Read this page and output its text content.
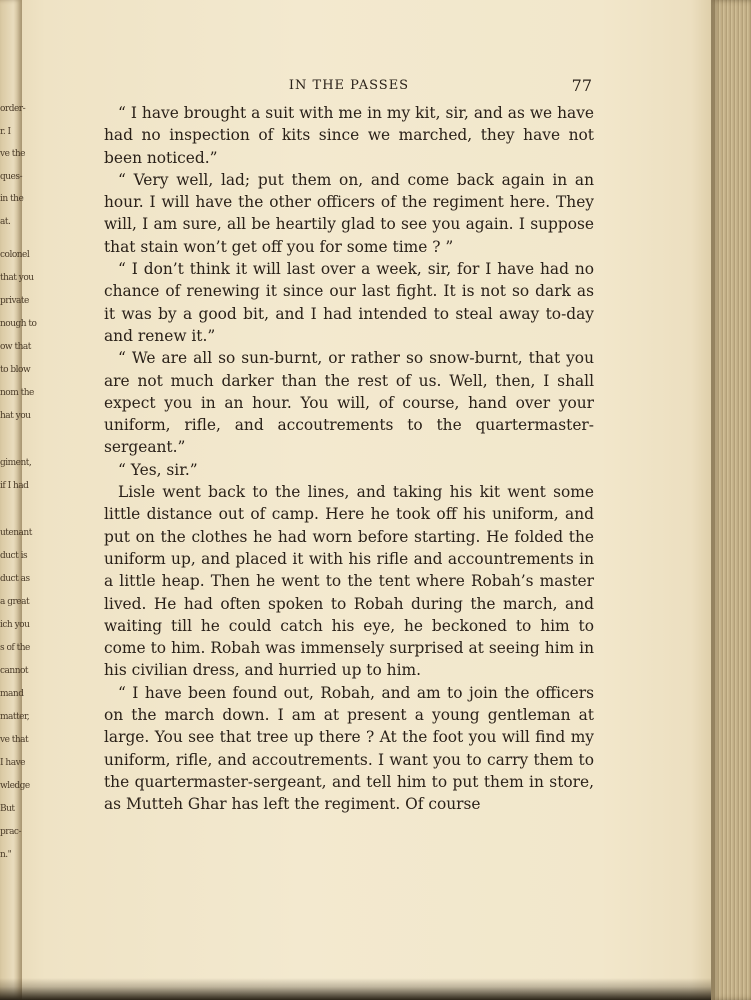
order-
r. I
ve the
ques-
in the
at.
colonel
that you
private
nough to
ow that
to blow
nom the
hat you
giment,
if I had
utenant
duct is
duct as
a great
ich you
s of the
cannot
mand
matter,
ve that
I have
wledge
But
prac-
n."
IN THE PASSES	77

“ I have brought a suit with me in my kit, sir, and as we have had no inspection of kits since we marched, they have not been noticed.”

“ Very well, lad; put them on, and come back again in an hour. I will have the other officers of the regiment here. They will, I am sure, all be heartily glad to see you again. I suppose that stain won’t get off you for some time ? ”

“ I don’t think it will last over a week, sir, for I have had no chance of renewing it since our last fight. It is not so dark as it was by a good bit, and I had intended to steal away to-day and renew it.”

“ We are all so sun-burnt, or rather so snow-burnt, that you are not much darker than the rest of us. Well, then, I shall expect you in an hour. You will, of course, hand over your uniform, rifle, and accoutrements to the quartermaster-sergeant.”

“ Yes, sir.”

Lisle went back to the lines, and taking his kit went some little distance out of camp. Here he took off his uniform, and put on the clothes he had worn before starting. He folded the uniform up, and placed it with his rifle and accountrements in a little heap. Then he went to the tent where Robah’s master lived. He had often spoken to Robah during the march, and waiting till he could catch his eye, he beckoned to him to come to him. Robah was immensely surprised at seeing him in his civilian dress, and hurried up to him.

“ I have been found out, Robah, and am to join the officers on the march down. I am at present a young gentleman at large. You see that tree up there ? At the foot you will find my uniform, rifle, and accoutrements. I want you to carry them to the quartermaster-sergeant, and tell him to put them in store, as Mutteh Ghar has left the regiment. Of course
